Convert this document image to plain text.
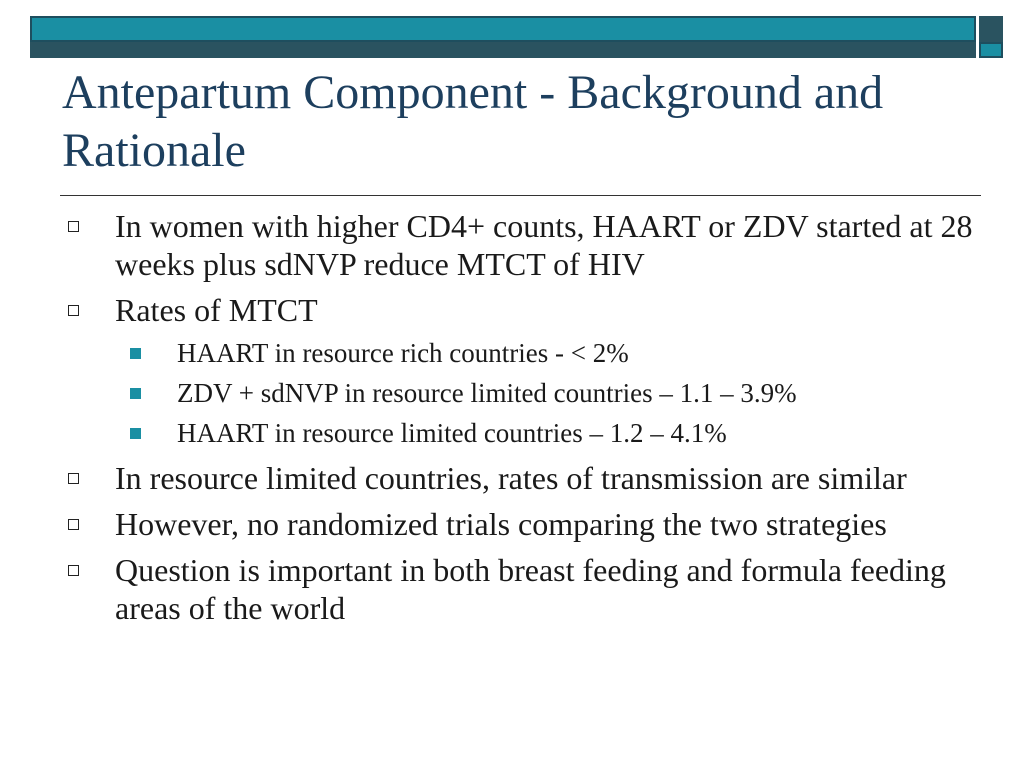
Antepartum Component - Background and Rationale
In women with higher CD4+ counts, HAART or ZDV started at 28 weeks plus sdNVP reduce MTCT of HIV
Rates of MTCT
HAART in resource rich countries - < 2%
ZDV + sdNVP in resource limited countries – 1.1 – 3.9%
HAART in resource limited countries – 1.2 – 4.1%
In resource limited countries, rates of transmission are similar
However, no randomized trials comparing the two strategies
Question is important in both breast feeding and formula feeding areas of the world
